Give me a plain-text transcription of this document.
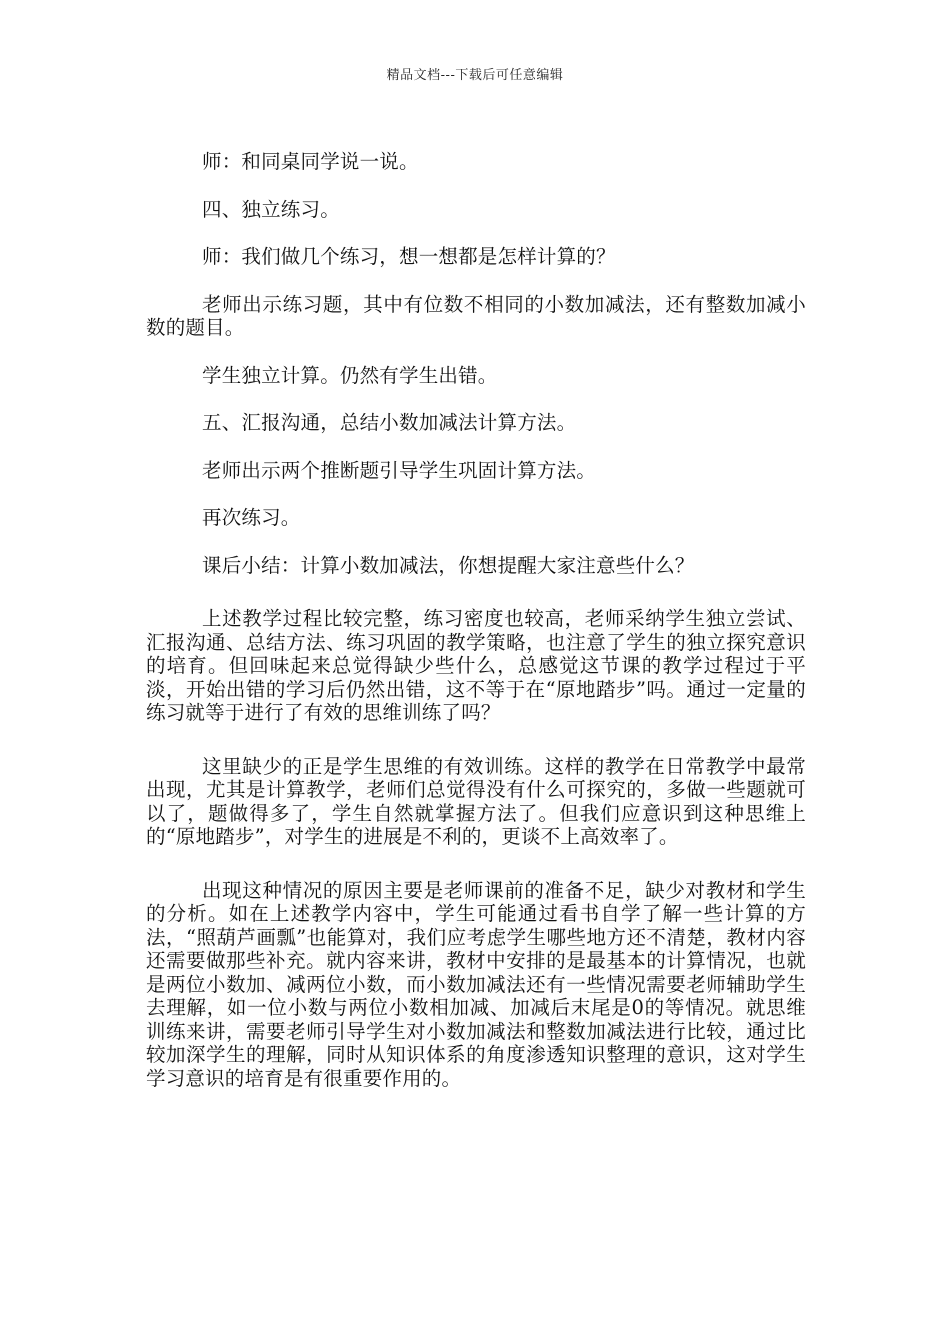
精品文档---下载后可任意编辑

师：和同桌同学说一说。

四、独立练习。

师：我们做几个练习，想一想都是怎样计算的？

老师出示练习题，其中有位数不相同的小数加减法，还有整数加减小数的题目。

学生独立计算。仍然有学生出错。

五、汇报沟通，总结小数加减法计算方法。

老师出示两个推断题引导学生巩固计算方法。

再次练习。

课后小结：计算小数加减法，你想提醒大家注意些什么？

上述教学过程比较完整，练习密度也较高，老师采纳学生独立尝试、汇报沟通、总结方法、练习巩固的教学策略，也注意了学生的独立探究意识的培育。但回味起来总觉得缺少些什么，总感觉这节课的教学过程过于平淡，开始出错的学习后仍然出错，这不等于在“原地踏步”吗。通过一定量的练习就等于进行了有效的思维训练了吗？

这里缺少的正是学生思维的有效训练。这样的教学在日常教学中最常出现，尤其是计算教学，老师们总觉得没有什么可探究的，多做一些题就可以了，题做得多了，学生自然就掌握方法了。但我们应意识到这种思维上的“原地踏步”，对学生的进展是不利的，更谈不上高效率了。

出现这种情况的原因主要是老师课前的准备不足，缺少对教材和学生的分析。如在上述教学内容中，学生可能通过看书自学了解一些计算的方法，“照葫芦画瓢”也能算对，我们应考虑学生哪些地方还不清楚，教材内容还需要做那些补充。就内容来讲，教材中安排的是最基本的计算情况，也就是两位小数加、减两位小数，而小数加减法还有一些情况需要老师辅助学生去理解，如一位小数与两位小数相加减、加减后末尾是0的等情况。就思维训练来讲，需要老师引导学生对小数加减法和整数加减法进行比较，通过比较加深学生的理解，同时从知识体系的角度渗透知识整理的意识，这对学生学习意识的培育是有很重要作用的。
